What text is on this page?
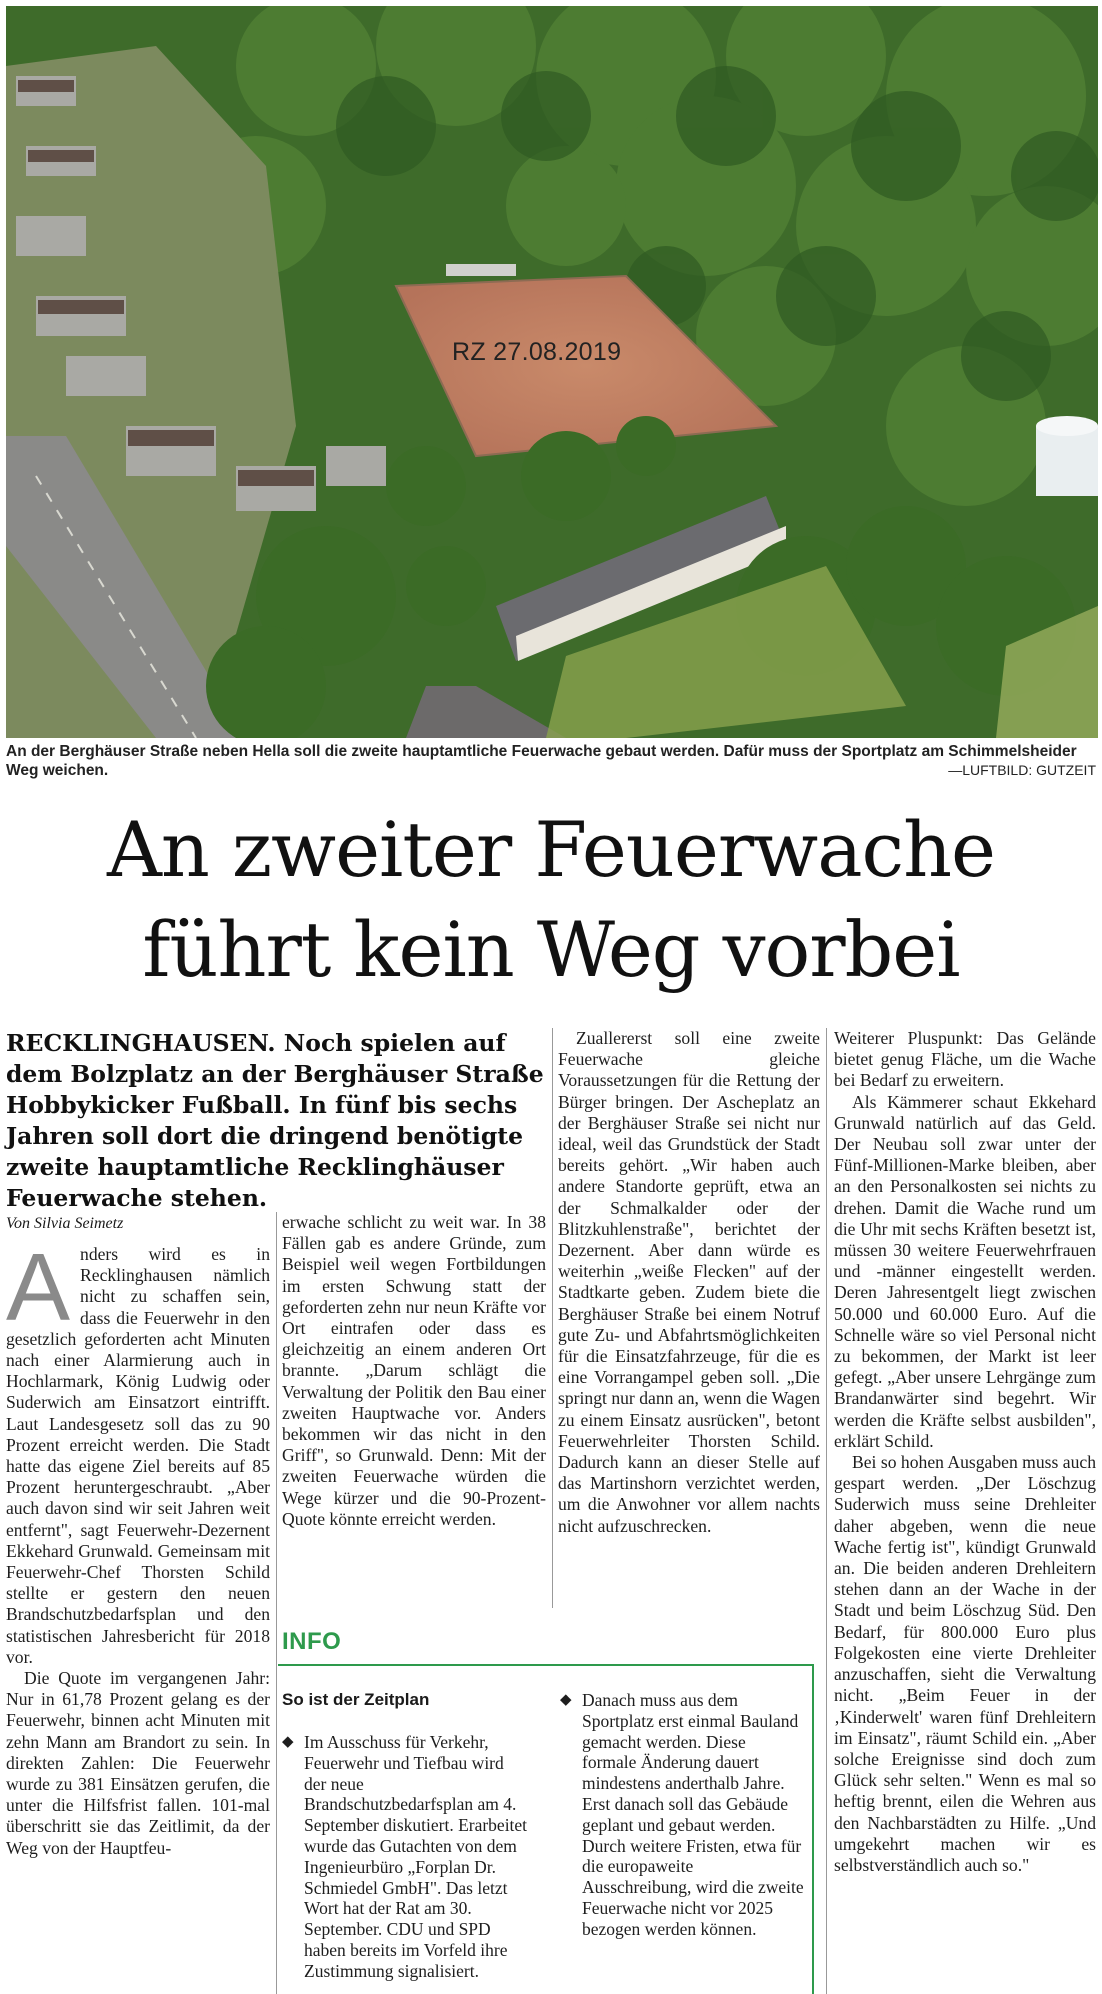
RZ 27.08.2019
An der Berghäuser Straße neben Hella soll die zweite hauptamtliche Feuerwache gebaut werden. Dafür muss der Sportplatz am Schimmelsheider Weg weichen.	—LUFTBILD: GUTZEIT
An zweiter Feuerwache
führt kein Weg vorbei
RECKLINGHAUSEN. Noch spielen auf dem Bolzplatz an der Berghäuser Straße Hobbykicker Fußball. In fünf bis sechs Jahren soll dort die dringend benötigte zweite hauptamtliche Recklinghäuser Feuerwache stehen.
Von Silvia Seimetz

Anders wird es in Recklinghausen nämlich nicht zu schaffen sein, dass die Feuerwehr in den gesetzlich geforderten acht Minuten nach einer Alarmierung auch in Hochlarmark, König Ludwig oder Suderwich am Einsatzort eintrifft. Laut Landesgesetz soll das zu 90 Prozent erreicht werden. Die Stadt hatte das eigene Ziel bereits auf 85 Prozent heruntergeschraubt. „Aber auch davon sind wir seit Jahren weit entfernt", sagt Feuerwehr-Dezernent Ekkehard Grunwald. Gemeinsam mit Feuerwehr-Chef Thorsten Schild stellte er gestern den neuen Brandschutzbedarfsplan und den statistischen Jahresbericht für 2018 vor.

Die Quote im vergangenen Jahr: Nur in 61,78 Prozent gelang es der Feuerwehr, binnen acht Minuten mit zehn Mann am Brandort zu sein. In direkten Zahlen: Die Feuerwehr wurde zu 381 Einsätzen gerufen, die unter die Hilfsfrist fallen. 101-mal überschritt sie das Zeitlimit, da der Weg von der Hauptfeu-

erwache schlicht zu weit war. In 38 Fällen gab es andere Gründe, zum Beispiel weil wegen Fortbildungen im ersten Schwung statt der geforderten zehn nur neun Kräfte vor Ort eintrafen oder dass es gleichzeitig an einem anderen Ort brannte. „Darum schlägt die Verwaltung der Politik den Bau einer zweiten Hauptwache vor. Anders bekommen wir das nicht in den Griff", so Grunwald. Denn: Mit der zweiten Feuerwache würden die Wege kürzer und die 90-Prozent-Quote könnte erreicht werden.

Zuallererst soll eine zweite Feuerwache gleiche Voraussetzungen für die Rettung der Bürger bringen. Der Ascheplatz an der Berghäuser Straße sei nicht nur ideal, weil das Grundstück der Stadt bereits gehört. „Wir haben auch andere Standorte geprüft, etwa an der Schmalkalder oder der Blitzkuhlenstraße", berichtet der Dezernent. Aber dann würde es weiterhin „weiße Flecken" auf der Stadtkarte geben. Zudem biete die Berghäuser Straße bei einem Notruf gute Zu- und Abfahrtsmöglichkeiten für die Einsatzfahrzeuge, für die es eine Vorrangampel geben soll. „Die springt nur dann an, wenn die Wagen zu einem Einsatz ausrücken", betont Feuerwehrleiter Thorsten Schild. Dadurch kann an dieser Stelle auf das Martinshorn verzichtet werden, um die Anwohner vor allem nachts nicht aufzuschrecken.

Weiterer Pluspunkt: Das Gelände bietet genug Fläche, um die Wache bei Bedarf zu erweitern.

Als Kämmerer schaut Ekkehard Grunwald natürlich auf das Geld. Der Neubau soll zwar unter der Fünf-Millionen-Marke bleiben, aber an den Personalkosten sei nichts zu drehen. Damit die Wache rund um die Uhr mit sechs Kräften besetzt ist, müssen 30 weitere Feuerwehrfrauen und -männer eingestellt werden. Deren Jahresentgelt liegt zwischen 50.000 und 60.000 Euro. Auf die Schnelle wäre so viel Personal nicht zu bekommen, der Markt ist leer gefegt. „Aber unsere Lehrgänge zum Brandanwärter sind begehrt. Wir werden die Kräfte selbst ausbilden", erklärt Schild.

Bei so hohen Ausgaben muss auch gespart werden. „Der Löschzug Suderwich muss seine Drehleiter daher abgeben, wenn die neue Wache fertig ist", kündigt Grunwald an. Die beiden anderen Drehleitern stehen dann an der Wache in der Stadt und beim Löschzug Süd. Den Bedarf, für 800.000 Euro plus Folgekosten eine vierte Drehleiter anzuschaffen, sieht die Verwaltung nicht. „Beim Feuer in der ‚Kinderwelt' waren fünf Drehleitern im Einsatz", räumt Schild ein. „Aber solche Ereignisse sind doch zum Glück sehr selten." Wenn es mal so heftig brennt, eilen die Wehren aus den Nachbarstädten zu Hilfe. „Und umgekehrt machen wir es selbstverständlich auch so."

INFO
So ist der Zeitplan
◆ Im Ausschuss für Verkehr, Feuerwehr und Tiefbau wird der neue Brandschutzbedarfsplan am 4. September diskutiert. Erarbeitet wurde das Gutachten von dem Ingenieurbüro „Forplan Dr. Schmiedel GmbH". Das letzt Wort hat der Rat am 30. September. CDU und SPD haben bereits im Vorfeld ihre Zustimmung signalisiert.
◆ Danach muss aus dem Sportplatz erst einmal Bauland gemacht werden. Diese formale Änderung dauert mindestens anderthalb Jahre. Erst danach soll das Gebäude geplant und gebaut werden. Durch weitere Fristen, etwa für die europaweite Ausschreibung, wird die zweite Feuerwache nicht vor 2025 bezogen werden können.
